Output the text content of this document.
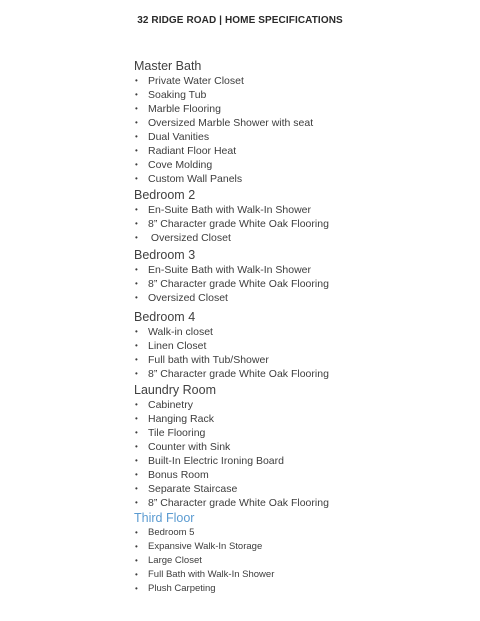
32 RIDGE ROAD | HOME SPECIFICATIONS
Master Bath
• Private Water Closet
• Soaking Tub
• Marble Flooring
• Oversized Marble Shower with seat
• Dual Vanities
• Radiant Floor Heat
• Cove Molding
• Custom Wall Panels
Bedroom 2
• En-Suite Bath with Walk-In Shower
• 8” Character grade White Oak Flooring
•  Oversized Closet
Bedroom 3
• En-Suite Bath with Walk-In Shower
• 8” Character grade White Oak Flooring
• Oversized Closet
Bedroom 4
• Walk-in closet
• Linen Closet
• Full bath with Tub/Shower
• 8” Character grade White Oak Flooring
Laundry Room
• Cabinetry
• Hanging Rack
• Tile Flooring
• Counter with Sink
• Built-In Electric Ironing Board
• Bonus Room
• Separate Staircase
• 8” Character grade White Oak Flooring
Third Floor
• Bedroom 5
• Expansive Walk-In Storage
• Large Closet
• Full Bath with Walk-In Shower
• Plush Carpeting
